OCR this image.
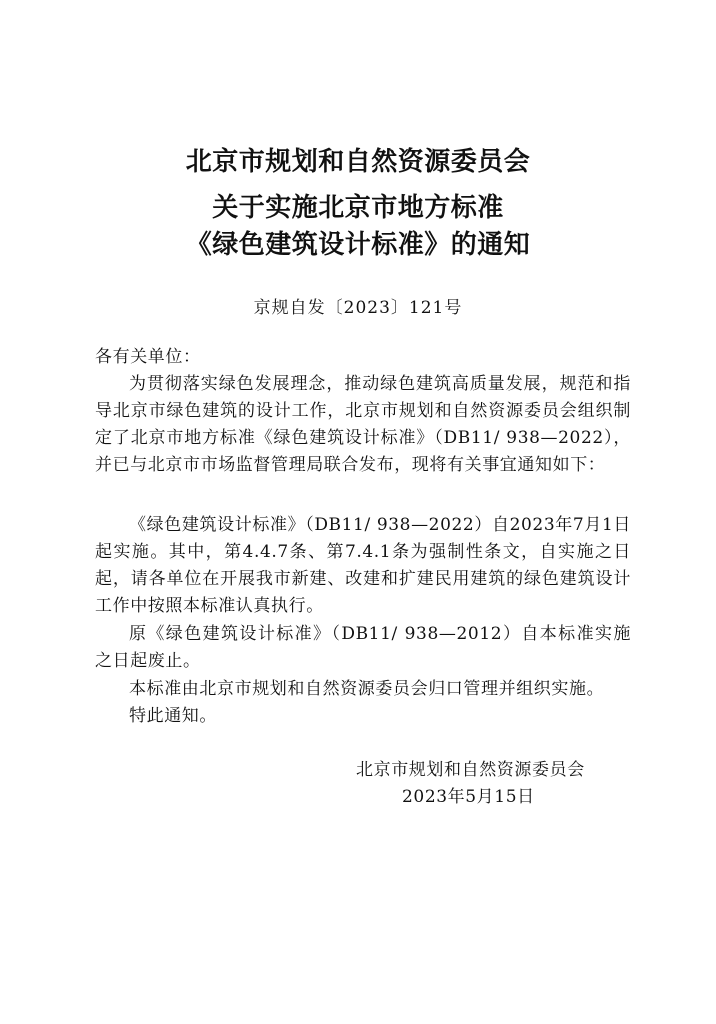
北京市规划和自然资源委员会
关于实施北京市地方标准
《绿色建筑设计标准》的通知
京规自发〔2023〕121号
各有关单位：
为贯彻落实绿色发展理念，推动绿色建筑高质量发展，规范和指导北京市绿色建筑的设计工作，北京市规划和自然资源委员会组织制定了北京市地方标准《绿色建筑设计标准》（DB11/ 938—2022），并已与北京市市场监督管理局联合发布，现将有关事宜通知如下：
《绿色建筑设计标准》（DB11/ 938—2022）自2023年7月1日起实施。其中，第4.4.7条、第7.4.1条为强制性条文，自实施之日起，请各单位在开展我市新建、改建和扩建民用建筑的绿色建筑设计工作中按照本标准认真执行。
原《绿色建筑设计标准》（DB11/ 938—2012）自本标准实施之日起废止。
本标准由北京市规划和自然资源委员会归口管理并组织实施。
特此通知。
北京市规划和自然资源委员会
2023年5月15日
